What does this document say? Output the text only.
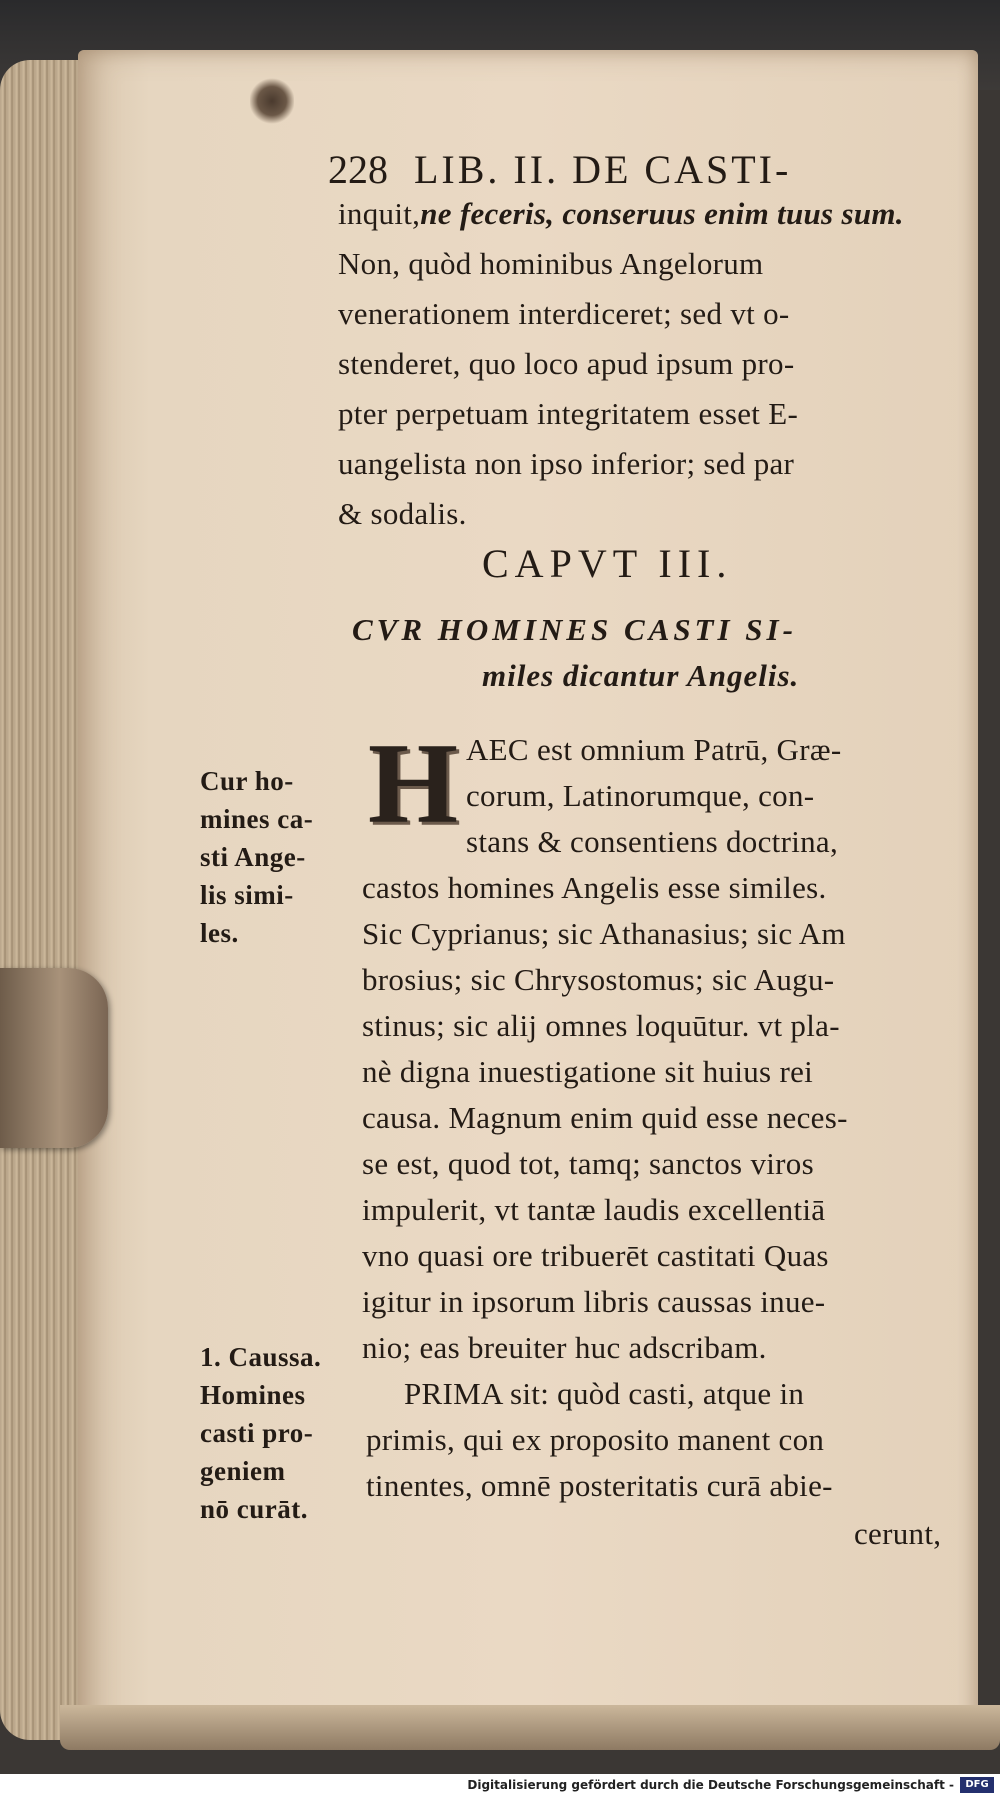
228 LIB. II. DE CASTI-
inquit,ne feceris, conseruus enim tuus sum.
Non, quòd hominibus Angelorum
venerationem interdiceret; sed vt o-
stenderet, quo loco apud ipsum pro-
pter perpetuam integritatem esset E-
uangelista non ipso inferior; sed par
& sodalis.
CAPVT III.
CVR HOMINES CASTI SI-
miles dicantur Angelis.
H AEC est omnium Patrū, Græ-
corum, Latinorumque, con-
stans & consentiens doctrina,
castos homines Angelis esse similes.
Sic Cyprianus; sic Athanasius; sic Am
brosius; sic Chrysostomus; sic Augu-
stinus; sic alij omnes loquūtur. vt pla-
nè digna inuestigatione sit huius rei
causa. Magnum enim quid esse neces-
se est, quod tot, tamq; sanctos viros
impulerit, vt tantæ laudis excellentiā
vno quasi ore tribuerēt castitati Quas
igitur in ipsorum libris caussas inue-
nio; eas breuiter huc adscribam.
PRIMA sit: quòd casti, atque in
primis, qui ex proposito manent con
tinentes, omnē posteritatis curā abie-
cerunt,
Cur ho-
mines ca-
sti Ange-
lis simi-
les.
1. Caussa.
Homines
casti pro-
geniem
nō curāt.
Digitalisierung gefördert durch die Deutsche Forschungsgemeinschaft -	DFG
